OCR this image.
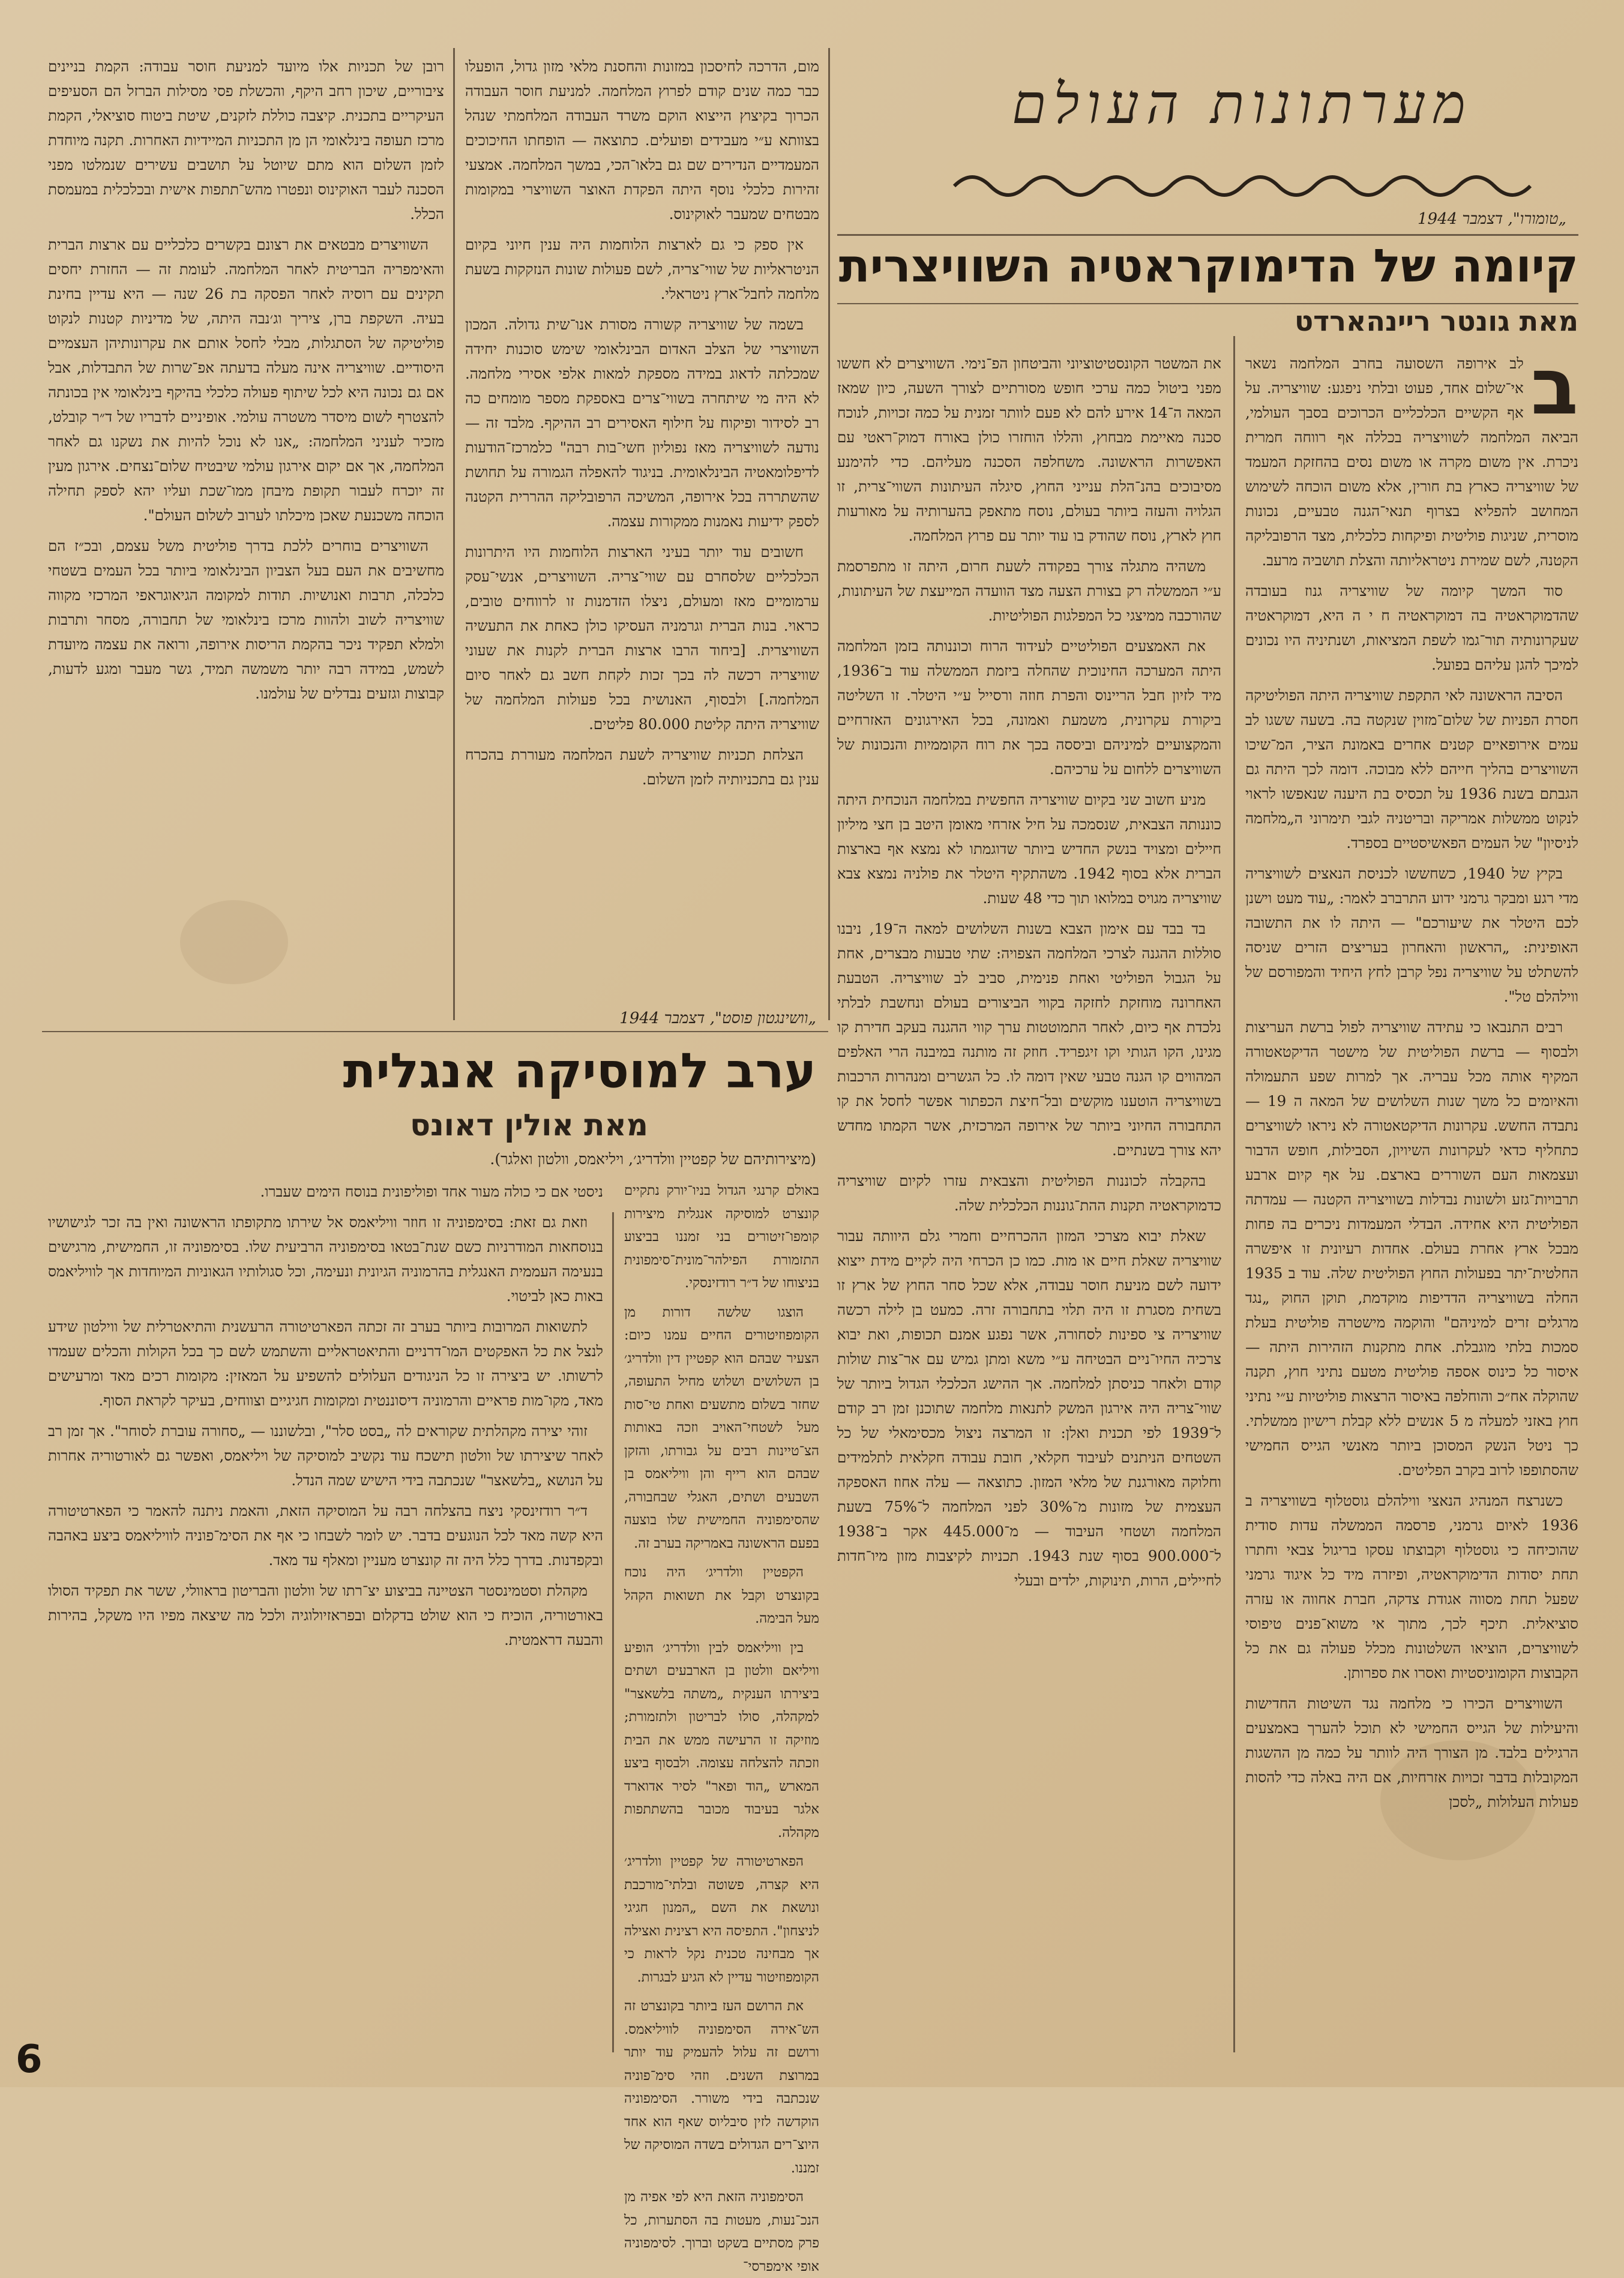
מערתונות העולם
„טומורו", דצמבר 1944
קיומה של הדימוקראטיה השוויצרית
מאת גונטר ריינהארדט
ב

לב אירופה השסועה בחרב המלחמה נשאר אי־שלום אחד, פעוט ובלתי ניפגע: שוויצריה. על אף הקשיים הכלכליים הכרוכים בסבך העולמי, הביאה המלחמה לשוויצריה בכללה אף רווחה חמרית ניכרת. אין משום מקרה או משום נסים בהחזקת המעמד של שוויצריה כארץ בת חורין, אלא משום הוכחה לשימוש המחושב להפליא בצרוף תנאי־הגנה טבעיים, נכונות מוסרית, שניגות פוליטית ופיקחות כלכלית, מצד הרפובליקה הקטנה, לשם שמירת ניטראליותה והצלת תושביה מרעב.

סוד המשך קיומה של שוויצריה גנוז בעובדה שהדמוקראטיה בה דמוקראטיה ח י ה היא, דמוקראטיה שעקרונותיה תור־גמו לשפת המציאות, ושנתיניה היו נכונים למיכך להגן עליהם בפועל.

הסיבה הראשונה לאי התקפת שוויצריה היתה הפוליטיקה חסרת הפניות של שלום־מזוין שנקטה בה. בשעה ששגו לב עמים אירופאיים קטנים אחרים באמונת הציר, המ־שיכו השוויצרים בהליך חייהם ללא מבוכה. דומה לכך היתה גם הגבתם בשנת 1936 על תכסיס בת היענה שנאפשו לראוי לנקוט ממשלות אמריקה ובריטניה לגבי תימרוני ה„מלחמה לניסיון" של העמים הפאשיסטיים בספרד.

בקיץ של 1940, כשחששו לכניסת הנאצים לשוויצריה מדי רגע ומבקר גרמני ידוע התרברב לאמר: „עוד מעט וישנן לכם היטלר את שיעורכם" — היתה לו את התשובה האופינית: „הראשון והאחרון בעריצים הזרים שניסה להשתלט על שוויצריה נפל קרבן לחץ היחיד והמפורסם של ווילהלם טל".

רבים התנבאו כי עתידה שוויצריה לפול ברשת העריצות ולבסוף — ברשת הפוליטית של מישטר הדיקטאטורה המקיף אותה מכל עבריה. אך למרות שפע התעמולה והאיומים כל משך שנות השלושים של המאה ה 19 — נתבדה החשש. עקרונות הדיקטאטורה לא ניראו לשוויצרים כתחליף כדאי לעקרונות השיויון, הסבילות, חופש הדבור ועצמאות העם השוררים בארצם. על אף קיום ארבע תרבויות־גזע ולשונות נבדלות בשוויצריה הקטנה — עמדתה הפוליטית היא אחידה. הבדלי המעמדות ניכרים בה פחות מבכל ארץ אחרת בעולם. אחדות רעיונית זו איפשרה החלטית־יתר בפעולות החוץ הפוליטית שלה. עוד ב 1935 החלה בשוויצריה הדדיפות מוקדמת, תוקן החוק „נגד מרגלים זרים למיניהם" והוקמה מישטרה פוליטית בעלת סמכות בלתי מוגבלת. אחת מתקנות הזהירות היתה — איסור כל כינוס אספה פוליטית מטעם נתיני חוץ, תקנה שהוקלה אח״כ והוחלפה באיסור הרצאות פוליטיות ע״י נתיני חוץ באזני למעלה מ 5 אנשים ללא קבלת רישיון ממשלתי. כך ניטל הנשק המסוכן ביותר מאנשי הגייס החמישי שהסתופפו לרוב בקרב הפליטים.

כשנרצח המנהיג הנאצי ווילהלם גוסטלוף בשוויצריה ב 1936 לאיום גרמני, פרסמה הממשלה עדות סודית שהוכיחה כי גוסטלוף וקבוצתו עסקו בריגול צבאי וחתרו תחת יסודות הדימוקראטיה, ופיזרה מיד כל איגוד גרמני שפעל תחת מסווה אגודת צדקה, חברת אחווה או עזרה סוציאלית. תיכף לכך, מתוך אי משוא־פנים טיפוסי לשוויצרים, הוציאו השלטונות מכלל פעולה גם את כל הקבוצות הקומוניסטיות ואסרו את ספרותן.

השוויצרים הכירו כי מלחמה נגד השיטות החדישות והיעילות של הגייס החמישי לא תוכל להערך באמצעים הרגילים בלבד. מן הצורך היה לוותר על כמה מן ההשגות המקובלות בדבר זכויות אזרחיות, אם היה באלה כדי להסות פעולות העלולות „לסכן

את המשטר הקונסטיטוציוני והביטחון הפ־נימי. השוויצרים לא חששו מפני ביטול כמה ערכי חופש מסורתיים לצורך השעה, כיון שמאז המאה ה־14 אירע להם לא פעם לוותר זמנית על כמה זכויות, לנוכח סכנה מאיימת מבחוץ, והללו הוחזרו כולן באורח דמוק־ראטי עם האפשרות הראשונה. משחלפה הסכנה מעליהם. כדי להימנע מסיבוכים בהנ־הלת ענייני החוץ, סיגלה העיתונות השווי־צרית, זו הגלויה והעזה ביותר בעולם, נוסח מתאפק בהערותיה על מאורעות חוץ לארץ, נוסח שהודק בו עוד יותר עם פרוץ המלחמה.

משהיה מתגלה צורך בפקודה לשעת חרום, היתה זו מתפרסמת ע״י הממשלה רק בצורת הצעה מצד הוועדה המייעצת של העיתונות, שהורכבה ממיצגי כל המפלגות הפוליטיות.

את האמצעים הפוליטיים לעידוד הרוח וכוננותה בזמן המלחמה היתה המערכה החינוכית שהחלה ביזמת הממשלה עוד ב־1936, מיד לזיון חבל הריינוס והפרת חוזה ורסייל ע״י היטלר. זו השליטה ביקורת עקרונית, משמעת ואמונה, בכל האירגונים האזרחיים והמקצועיים למיניהם וביססה בכך את רוח הקוממיות והנכונות של השוויצרים ללחום על ערכיהם.

מניע חשוב שני בקיום שוויצריה החפשית במלחמה הנוכחית היתה כוננותה הצבאית, שנסמכה על חיל אזרחי מאומן היטב בן חצי מיליון חיילים ומצויד בנשק החדיש ביותר שדוגמתו לא נמצא אף בארצות הברית אלא בסוף 1942. משהתקיף היטלר את פולניה נמצא צבא שוויצריה מגויס במלואו תוך כדי 48 שעות.

בד בבד עם אימון הצבא בשנות השלושים למאה ה־19, ניבנו סוללות ההגנה לצרכי המלחמה הצפויה: שתי טבעות מבצרים, אחת על הגבול הפוליטי ואחת פנימית, סביב לב שוויצריה. הטבעת האחרונה מוחזקת לחזקה בקווי הביצורים בעולם ונחשבת לבלתי נלכדת אף כיום, לאחר התמוטטות ערך קווי ההגנה בעקב חדירת קו מגינו, הקו הגותי וקו זיגפריד. חוזק זה מותנה במיבנה הרי האלפים המהווים קו הגנה טבעי שאין דומה לו. כל הגשרים ומנהרות הרכבות בשוויצריה הוטענו מוקשים ובל־חיצת הכפתור אפשר לחסל את קו התחבורה החיוני ביותר של אירופה המרכזית, אשר הקמתו מחדש יהא צורך בשנתיים.

בהקבלה לכוננות הפוליטית והצבאית עזרו לקיום שוויצריה כדמוקראטיה תקנות ההת־גוננות הכלכלית שלה.

שאלת יבוא מצרכי המזון ההכרחיים וחמרי גלם היוותה עבור שוויצריה שאלת חיים או מות. כמו כן הכרחי היה לקיים מידת ייצוא ידועה לשם מניעת חוסר עבודה, אלא שכל סחר החוץ של ארץ זו בשחית מסגרת זו היה תלוי בתחבורה זרה. כמעט בן לילה רכשה שוויצריה צי ספינות לסחורה, אשר נפגע אמנם תכופות, ואת יבוא צרכיה החיו־ניים הבטיחה ע״י משא ומתן גמיש עם אר־צות שולות קודם ולאחר כניסתן למלחמה. אך ההישג הכלכלי הגדול ביותר של שווי־צריה היה אירגון המשק לתנאות מלחמה שתוכנן זמן רב קודם ל־1939 לפי תכנית ואלן: זו המרצה ניצול מכסימאלי של כל השטחים הניתנים לעיבוד חקלאי, חובת עבודה חקלאית לתלמידים וחלוקה מאורגנת של מלאי המזון. כתוצאה — עלה אחוז האספקה העצמית של מזונות מ־30% לפני המלחמה ל־75% בשעת המלחמה ושטחי העיבוד — מ־445.000 אקר ב־1938 ל־900.000 בסוף שנת 1943. תכניות לקיצבות מזון מיו־חדות לחיילים, הרות, תינוקות, ילדים ובעלי

מום, הדרכה לחיסכון במזונות והחסנת מלאי מזון גדול, הופעלו כבר כמה שנים קודם לפרוץ המלחמה. למניעת חוסר העבודה הכרוך בקיצוץ הייצוא הוקם משרד העבודה המלחמתי שנהל בצוותא ע״י מעבידים ופועלים. כתוצאה — הופחתו החיכוכים המעמדיים הנדירים שם גם בלאו־הכי, במשך המלחמה. אמצעי זהירות כלכלי נוסף היתה הפקדת האוצר השוויצרי במקומות מבטחים שמעבר לאוקינוס.

אין ספק כי גם לארצות הלוחמות היה ענין חיוני בקיום הניטראליות של שווי־צריה, לשם פעולות שונות הנזקקות בשעת מלחמה לחבל־ארץ ניטראלי.

בשמה של שוויצריה קשורה מסורת אנו־שית גדולה. המכון השוויצרי של הצלב האדום הבינלאומי שימש סוכנות יחידה שמכלתה לדאוג במידה מספקת למאות אלפי אסירי מלחמה. לא היה מי שיתחרה בשווי־צרים באספקת מספר מומחים כה רב לסידור ופיקוח על חילוף האסירים רב ההיקף. מלבד זה — נודעה לשוויצריה מאז נפוליון חשי־בות רבה" כלמרכז־הודעות לדיפלומאטיה הבינלאומית. בניגוד להאפלה הגמורה על תחושת שהשתררה בכל אירופה, המשיכה הרפובליקה ההררית הקטנה לספק ידיעות נאמנות ממקורות עצמה.

חשובים עוד יותר בעיני הארצות הלוחמות היו היתרונות הכלכליים שלסחרם עם שווי־צריה. השוויצרים, אנשי־עסק ערמומיים מאז ומעולם, ניצלו הזדמנות זו לרווחים טובים, כראוי. בנות הברית וגרמניה העסיקו כולן כאחת את התעשיה השוויצרית. [ביחוד הרבו ארצות הברית לקנות את שעוני שוויצריה רכשה לה בכך זכות לקחת חשב גם לאחר סיום המלחמה.] ולבסוף, האנושית בכל פעולות המלחמה של שוויצריה היתה קליטת 80.000 פליטים.

הצלחת תכניות שוויצריה לשעת המלחמה מעוררת בהכרח ענין גם בתכניותיה לזמן השלום.

רובן של תכניות אלו מיועד למניעת חוסר עבודה: הקמת בניינים ציבוריים, שיכון רחב היקף, והכשלת פסי מסילות הברזל הם הסעיפים העיקריים בתכנית. קיצבה כוללת לזקנים, שיטת ביטוח סוציאלי, הקמת מרכז תעופה בינלאומי הן מן התכניות המיידיות האחרות. תקנה מיוחדת לזמן השלום הוא מתם שיוטל על תושבים עשירים שנמלטו מפני הסכנה לעבר האוקינוס ונפטרו מהש־תתפות אישית ובכלכלית במעמסת הכלל.

השוויצרים מבטאים את רצונם בקשרים כלכליים עם ארצות הברית והאימפריה הבריטית לאחר המלחמה. לעומת זה — החזרת יחסים תקינים עם רוסיה לאחר הפסקה בת 26 שנה — היא עדיין בחינת בעיה. השקפת ברן, ציריך וג׳נבה היתה, של מדיניות קטנות לנקוט פוליטיקה של הסתגלות, מבלי לחסל אותם את עקרונותיהן העצמיים היסודיים. שוויצריה אינה מעלה בדעתה אפ־שרות של התבדלות, אבל אם גם נכונה היא לכל שיתוף פעולה כלכלי בהיקף בינלאומי אין בכונתה להצטרף לשום מיסדר משטרה עולמי. אופיניים לדבריו של ד״ר קובלט, מזכיר לעניני המלחמה: „אנו לא נוכל להיות את נשקנו גם לאחר המלחמה, אך אם יקום אירגון עולמי שיבטיח שלום־נצחים. אירגון מעין זה יוכרח לעבור תקופת מיבחן ממו־שכת ועליו יהא לספק תחילה הוכחה משכנעת שאכן מיכלתו לערוב לשלום העולם".

השוויצרים בוחרים ללכת בדרך פוליטית משל עצמם, ובכ״ז הם מחשיבים את העם בעל הצביון הבינלאומי ביותר בכל העמים בשטחי כלכלה, תרבות ואנושיות. תודות למקומה הגיאוגראפי המרכזי מקווה שוויצריה לשוב ולהוות מרכז בינלאומי של תחבורה, מסחר ותרבות ולמלא תפקיד ניכר בהקמת הריסות אירופה, ורואה את עצמה מיועדת לשמש, במידה רבה יותר משמשה תמיד, גשר מעבר ומגע לדעות, קבוצות וגזעים נבדלים של עולמנו.

„וושינגטון פוסט", דצמבר 1944
ערב למוסיקה אנגלית
מאת אולין דאונס
(מיצירותיהם של קפטיין וולדריג׳, ויליאמס, וולטון ואלגר).

באולם קרנגי הגדול בניו־יורק נתקיים קונצרט למוסיקה אנגלית מיצירות קומפו־זיטורים בני זמננו בביצוע התזמורת הפילהר־מונית־סימפונית בניצוחו של ד״ר רודזינסקי.

הוצגו שלשה דורות מן הקומפוזיטורים החיים עמנו כיום: הצעיר שבהם הוא קפטיין דין וולדריג׳ בן השלושים ושלוש מחיל התעופה, שחזר בשלום מתשעים ואחת טי־סות מעל לשטחי־האויב וזכה באותות הצ־טיינות רבים על גבורתו, והזקן שבהם הוא רייף והן וויליאמס בן השבעים ושתים, האגלי שבחבורה, שהסימפוניה החמישית שלו בוצעה בפעם הראשונה באמריקה בערב זה.

הקפטיין וולדריג׳ היה נוכח בקונצרט וקבל את תשואות הקהל מעל הבימה.

בין וויליאמס לבין וולדריג׳ הופיע וויליאם וולטון בן הארבעים ושתים ביצירתו הענקית „משתה בלשאצר" למקהלה, סולו לבריטון ולתזמורת; מוזיקה זו הרעישה ממש את הבית וזכתה להצלחה עצומה. ולבסוף ביצע המארש „הוד ופאר" לסיר אדוארד אלגר בעיבוד מכובר בהשתתפות מקהלה.

הפארטיטורה של קפטיין וולדריג׳ היא קצרה, פשוטה ובלתי־מורכבת ונושאת את השם „המנון חגיגי לניצחון". התפיסה היא רצינית ואצילה אך מבחינה טכנית נקל לראות כי הקומפוזיטור עדיין לא הגיע לבגרות.

את הרושם העז ביותר בקונצרט זה הש־אירה הסימפוניה לוויליאמס. ורושם זה עלול להעמיק עוד יותר במרוצת השנים. וזהי סימ־פוניה שנכתבה בידי משורר. הסימפוניה הוקדשה לזין סיבליוס שאף הוא אחד היוצ־רים הגדולים בשדה המוסיקה של זמננו.

הסימפוניה הזאת היא לפי אפיה מן הנכ־נעות, מעטות בה הסתערות, כל פרק מסתיים בשקט וברוך. לסימפוניה אופי אימפרסי־

ניסטי אם כי כולה מעור אחד ופוליפונית בנוסח הימים שעברו.

וזאת גם זאת: בסימפוניה זו חוזר וויליאמס אל שירתו מתקופתו הראשונה ואין בה זכר לגישושיו בנוסחאות המודרניות כשם שנת־בטאו בסימפוניה הרביעית שלו. בסימפוניה זו, החמישית, מרגישים בנעימה העממית האנגלית בהרמוניה הגיונית ונעימה, וכל סגולותיו הגאוניות המיוחדות אך לוויליאמס באות כאן לביטוי.

לתשואות המרובות ביותר בערב זה זכתה הפארטיטורה הרעשנית והתיאטרלית של ווילטון שידע לנצל את כל האפקטים המו־דרניים והתיאטראליים והשתמש לשם כך בכל הקולות והכלים שעמדו לרשותו. יש ביצירה זו כל הניגודים העלולים להשפיע על המאזין: מקומות רכים מאד ומרעישים מאד, מקו־מות פראיים והרמוניה דיסוננטית ומקומות חגיגיים וצווחים, בעיקר לקראת הסוף.

זוהי יצירה מקהלתית שקוראים לה „בסט סלר", ובלשוננו — „סחורה עוברת לסוחר". אך זמן רב לאחר שיצירתו של וולטון תישכח עוד נקשיב למוסיקה של ויליאמס, ואפשר גם לאורטוריה אחרות על הנושא „בלשאצר" שנכתבה בידי הישיש שמה הנדל.

ד״ר רודזינסקי ניצח בהצלחה רבה על המוסיקה הזאת, והאמת ניתנה להאמר כי הפארטיטורה היא קשה מאד לכל הנוגעים בדבר. יש לומר לשבחו כי אף את הסימ־פוניה לוויליאמס ביצע באהבה ובקפדנות. בדרך כלל היה זה קונצרט מעניין ומאלף עד מאד.

מקהלת וסטמינסטר הצטיינה בביצוע יצ־רתו של וולטון והבריטון בראוולי, ששר את תפקיד הסולו באורטוריה, הוכיח כי הוא שולט בדקלום ובפראזיולוגיה ולכל מה שיצאה מפיו היו משקל, בהירות והבעה דראמטית.

6
